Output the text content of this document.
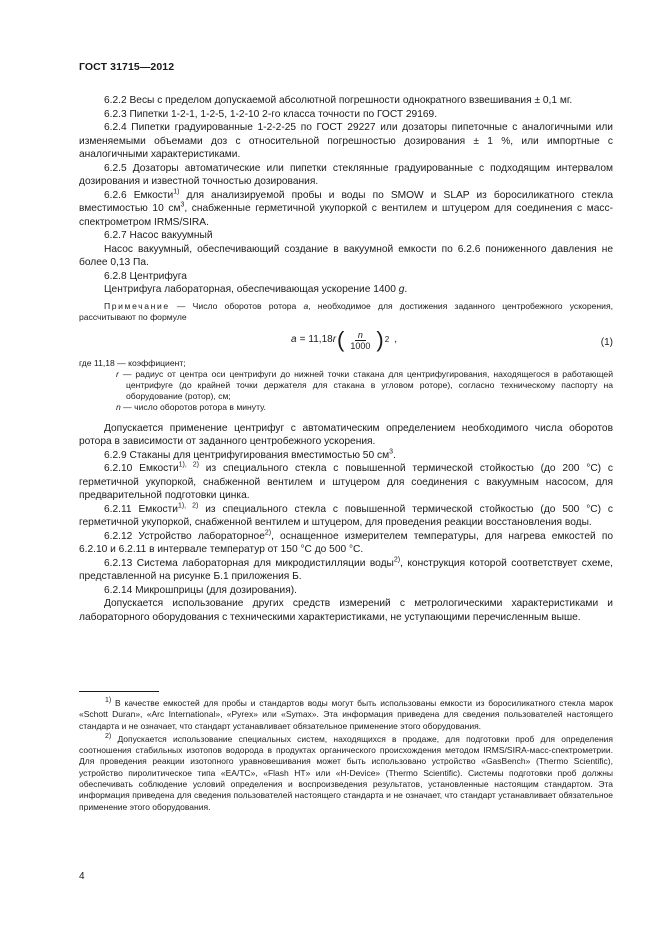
ГОСТ 31715—2012

6.2.2 Весы с пределом допускаемой абсолютной погрешности однократного взвешивания ± 0,1 мг.

6.2.3 Пипетки 1-2-1, 1-2-5, 1-2-10 2-го класса точности по ГОСТ 29169.

6.2.4 Пипетки градуированные 1-2-2-25 по ГОСТ 29227 или дозаторы пипеточные с аналогичными или изменяемыми объемами доз с относительной погрешностью дозирования ± 1 %, или импортные с аналогичными характеристиками.

6.2.5 Дозаторы автоматические или пипетки стеклянные градуированные с подходящим интервалом дозирования и известной точностью дозирования.

6.2.6 Емкости$^{1)}$ для анализируемой пробы и воды по SMOW и SLAP из боросиликатного стекла вместимостью 10 $см^3$, снабженные герметичной укупоркой с вентилем и штуцером для соединения с масс-спектрометром IRMS/SIRA.

6.2.7 Насос вакуумный

Насос вакуумный, обеспечивающий создание в вакуумной емкости по 6.2.6 пониженного давления не более 0,13 Па.

6.2.8 Центрифуга

Центрифуга лабораторная, обеспечивающая ускорение 1400 g.

Примечание — Число оборотов ротора a, необходимое для достижения заданного центробежного ускорения, рассчитывают по формуле

a = 11,18 r ( $\frac{n}{1000}$ ) 2 ,	(1)

где 11,18 — коэффициент;

r — радиус от центра оси центрифуги до нижней точки стакана для центрифугирования, находящегося в работающей центрифуге (до крайней точки держателя для стакана в угловом роторе), согласно техническому паспорту на оборудование (ротор), см;

n — число оборотов ротора в минуту.

Допускается применение центрифуг с автоматическим определением необходимого числа оборотов ротора в зависимости от заданного центробежного ускорения.

6.2.9 Стаканы для центрифугирования вместимостью 50 $см^3$.

6.2.10 Емкости$^{1), 2)}$ из специального стекла с повышенной термической стойкостью (до 200 °С) с герметичной укупоркой, снабженной вентилем и штуцером для соединения с вакуумным насосом, для предварительной подготовки цинка.

6.2.11 Емкости$^{1), 2)}$ из специального стекла с повышенной термической стойкостью (до 500 °С) с герметичной укупоркой, снабженной вентилем и штуцером, для проведения реакции восстановления воды.

6.2.12 Устройство лабораторное$^{2)}$, оснащенное измерителем температуры, для нагрева емкостей по 6.2.10 и 6.2.11 в интервале температур от 150 °С до 500 °С.

6.2.13 Система лабораторная для микродистилляции воды$^{2)}$, конструкция которой соответствует схеме, представленной на рисунке Б.1 приложения Б.

6.2.14 Микрошприцы (для дозирования).

Допускается использование других средств измерений с метрологическими характеристиками и лабораторного оборудования с техническими характеристиками, не уступающими перечисленным выше.

$^{1)}$ В качестве емкостей для пробы и стандартов воды могут быть использованы емкости из боросиликатного стекла марок «Schott Duran», «Arc International», «Pyrex» или «Symax». Эта информация приведена для сведения пользователей настоящего стандарта и не означает, что стандарт устанавливает обязательное применение этого оборудования.

$^{2)}$ Допускается использование специальных систем, находящихся в продаже, для подготовки проб для определения соотношения стабильных изотопов водорода в продуктах органического происхождения методом IRMS/SIRA-масс-спектрометрии. Для проведения реакции изотопного уравновешивания может быть использовано устройство «GasBench» (Thermo Scientific), устройство пиролитическое типа «EA/TC», «Flash HT» или «H-Device» (Thermo Scientific). Системы подготовки проб должны обеспечивать соблюдение условий определения и воспроизведения результатов, установленные настоящим стандартом. Эта информация приведена для сведения пользователей настоящего стандарта и не означает, что стандарт устанавливает обязательное применение этого оборудования.

4
